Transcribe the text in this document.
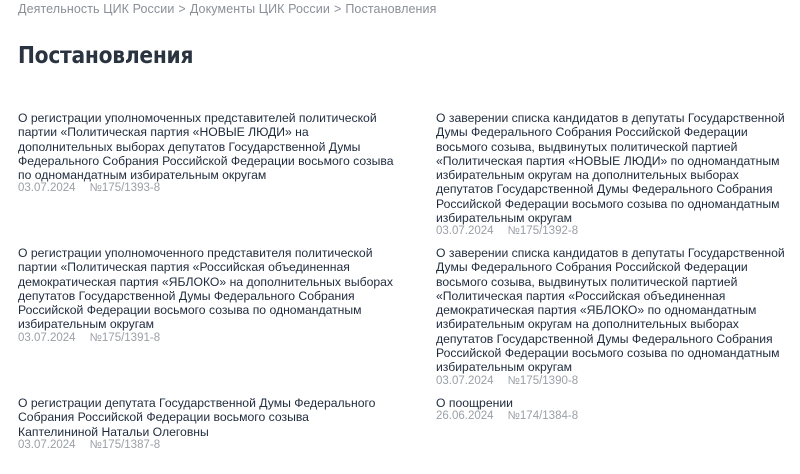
Деятельность ЦИК России > Документы ЦИК России > Постановления
Постановления
О регистрации уполномоченных представителей политической партии «Политическая партия «НОВЫЕ ЛЮДИ» на дополнительных выборах депутатов Государственной Думы Федерального Собрания Российской Федерации восьмого созыва по одномандатным избирательным округам
03.07.2024 №175/1393-8
О заверении списка кандидатов в депутаты Государственной Думы Федерального Собрания Российской Федерации восьмого созыва, выдвинутых политической партией «Политическая партия «НОВЫЕ ЛЮДИ» по одномандатным избирательным округам на дополнительных выборах депутатов Государственной Думы Федерального Собрания Российской Федерации восьмого созыва по одномандатным избирательным округам
03.07.2024 №175/1392-8
О регистрации уполномоченного представителя политической партии «Политическая партия «Российская объединенная демократическая партия «ЯБЛОКО» на дополнительных выборах депутатов Государственной Думы Федерального Собрания Российской Федерации восьмого созыва по одномандатным избирательным округам
03.07.2024 №175/1391-8
О заверении списка кандидатов в депутаты Государственной Думы Федерального Собрания Российской Федерации восьмого созыва, выдвинутых политической партией «Политическая партия «Российская объединенная демократическая партия «ЯБЛОКО» по одномандатным избирательным округам на дополнительных выборах депутатов Государственной Думы Федерального Собрания Российской Федерации восьмого созыва по одномандатным избирательным округам
03.07.2024 №175/1390-8
О регистрации депутата Государственной Думы Федерального Собрания Российской Федерации восьмого созыва Каптелининой Натальи Олеговны
03.07.2024 №175/1387-8
О поощрении
26.06.2024 №174/1384-8
